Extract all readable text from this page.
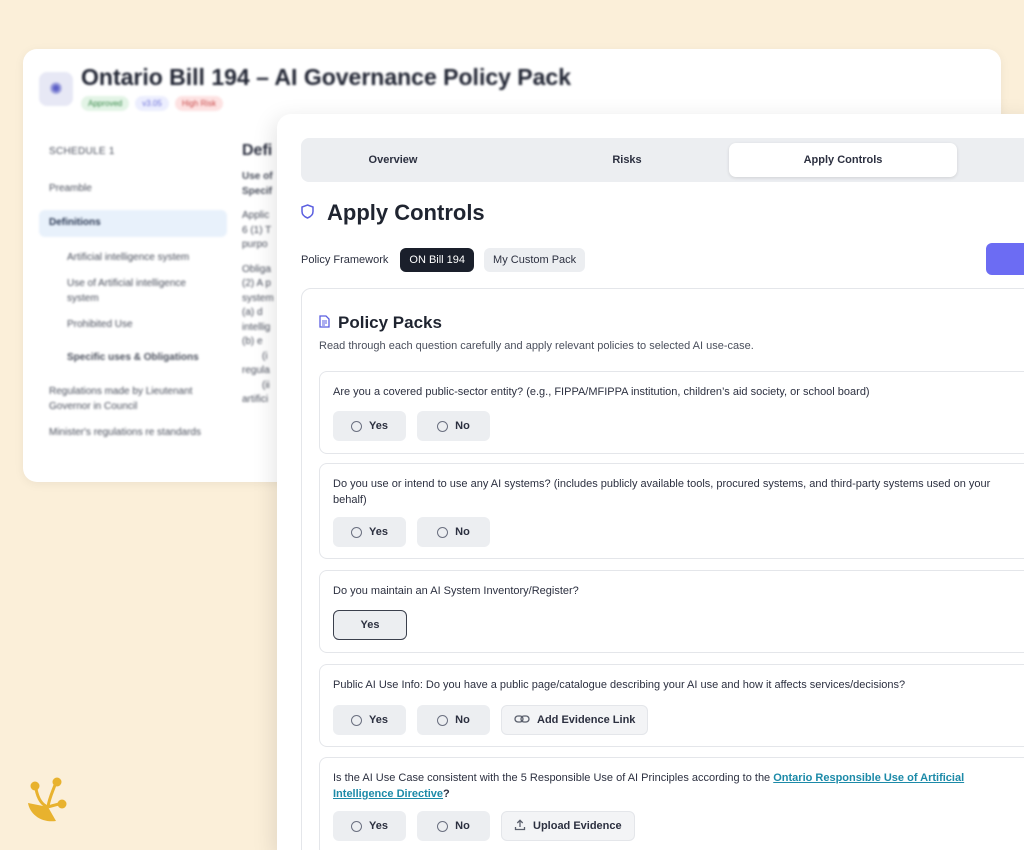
✺ Ontario Bill 194 – AI Governance Policy Pack
Approved	v3.05	High Risk
SCHEDULE 1
Preamble
Definitions
Artificial intelligence system
Use of Artificial intelligence system
Prohibited Use
Specific uses & Obligations
Regulations made by Lieutenant Governor in Council
Minister's regulations re standards
Defi
Use of
Specif
Applic
6 (1) T
purpo
Obliga
(2) A p
system
(a) d
intellig
(b) e
(i
regula
(ii
artifici
Overview	Risks	Apply Controls
Apply Controls
Policy Framework	ON Bill 194	My Custom Pack
Policy Packs
Read through each question carefully and apply relevant policies to selected AI use-case.
Are you a covered public-sector entity? (e.g., FIPPA/MFIPPA institution, children’s aid society, or school board)
Yes	No
Do you use or intend to use any AI systems? (includes publicly available tools, procured systems, and third-party systems used on your behalf)
Yes	No
Do you maintain an AI System Inventory/Register?
Yes
Public AI Use Info: Do you have a public page/catalogue describing your AI use and how it affects services/decisions?
Yes	No	Add Evidence Link
Is the AI Use Case consistent with the 5 Responsible Use of AI Principles according to the Ontario Responsible Use of Artificial Intelligence Directive?
Yes	No	Upload Evidence
